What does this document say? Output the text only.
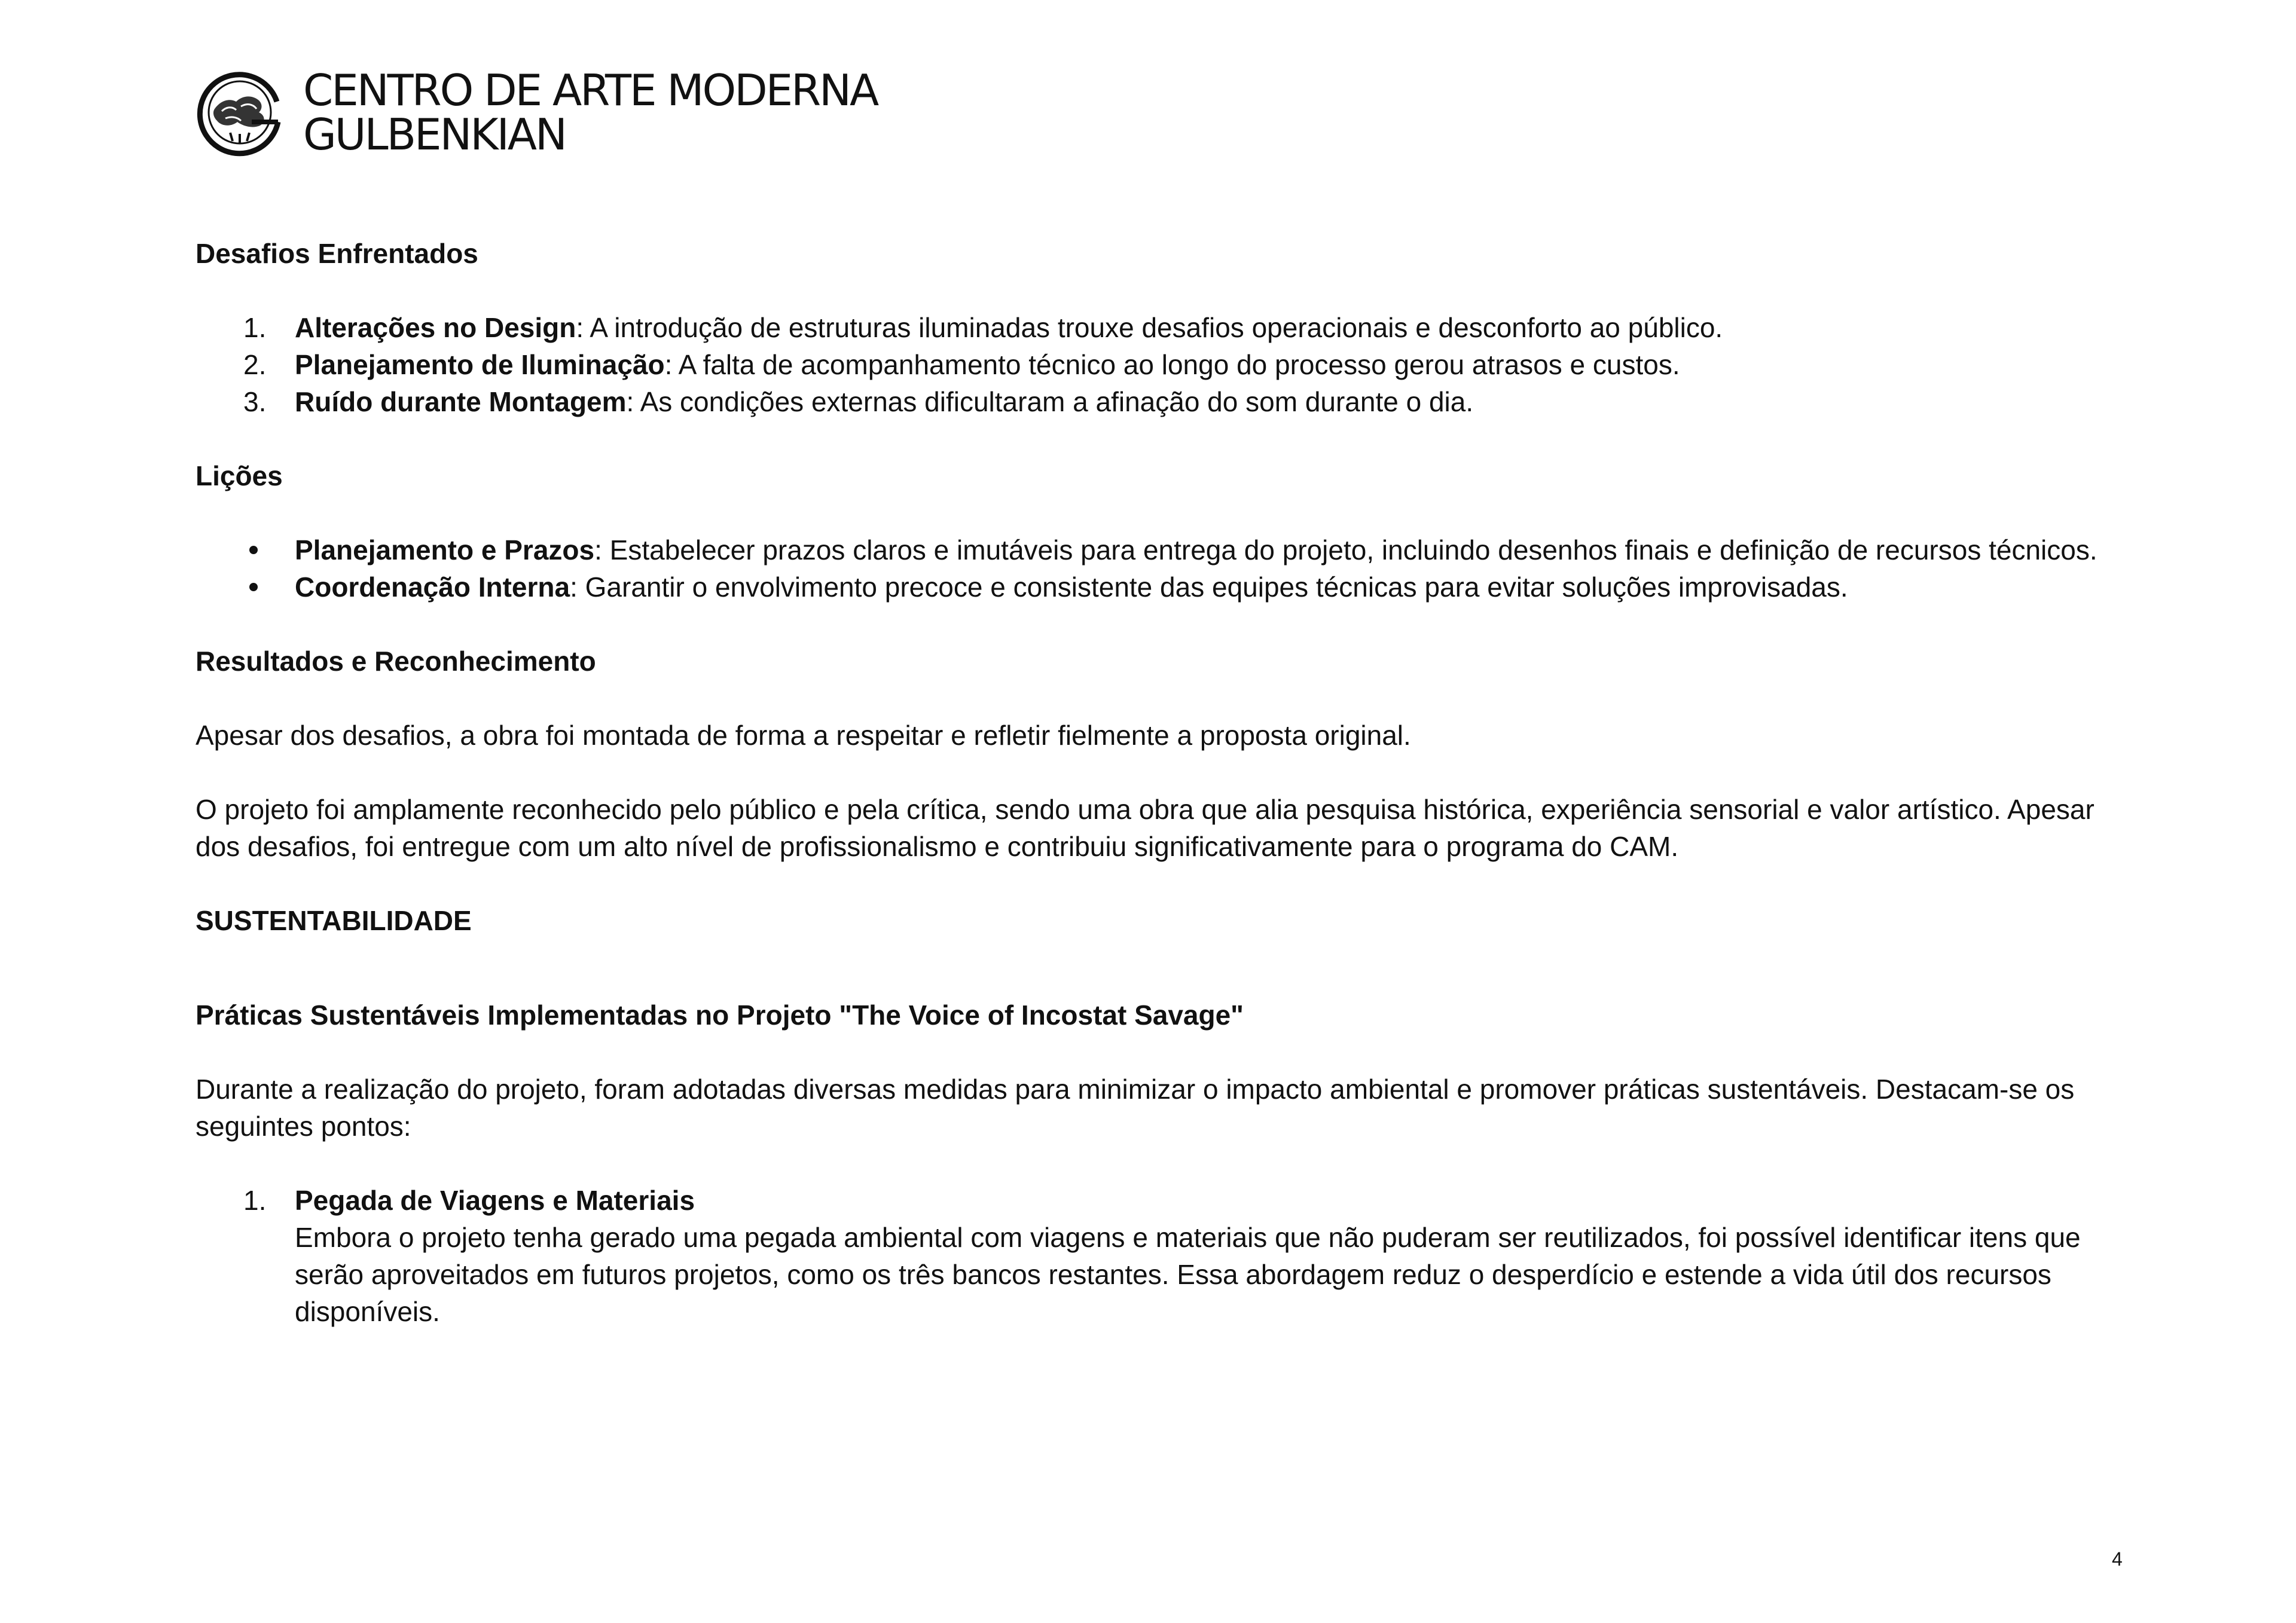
CENTRO DE ARTE MODERNA
GULBENKIAN

Desafios Enfrentados

1.	Alterações no Design: A introdução de estruturas iluminadas trouxe desafios operacionais e desconforto ao público.
2.	Planejamento de Iluminação: A falta de acompanhamento técnico ao longo do processo gerou atrasos e custos.
3.	Ruído durante Montagem: As condições externas dificultaram a afinação do som durante o dia.

Lições

Planejamento e Prazos: Estabelecer prazos claros e imutáveis para entrega do projeto, incluindo desenhos finais e definição de recursos técnicos.
Coordenação Interna: Garantir o envolvimento precoce e consistente das equipes técnicas para evitar soluções improvisadas.

Resultados e Reconhecimento

Apesar dos desafios, a obra foi montada de forma a respeitar e refletir fielmente a proposta original.

O projeto foi amplamente reconhecido pelo público e pela crítica, sendo uma obra que alia pesquisa histórica, experiência sensorial e valor artístico. Apesar dos desafios, foi entregue com um alto nível de profissionalismo e contribuiu significativamente para o programa do CAM.

SUSTENTABILIDADE

Práticas Sustentáveis Implementadas no Projeto "The Voice of Incostat Savage"

Durante a realização do projeto, foram adotadas diversas medidas para minimizar o impacto ambiental e promover práticas sustentáveis. Destacam-se os seguintes pontos:

1.	Pegada de Viagens e Materiais
Embora o projeto tenha gerado uma pegada ambiental com viagens e materiais que não puderam ser reutilizados, foi possível identificar itens que serão aproveitados em futuros projetos, como os três bancos restantes. Essa abordagem reduz o desperdício e estende a vida útil dos recursos disponíveis.
4
